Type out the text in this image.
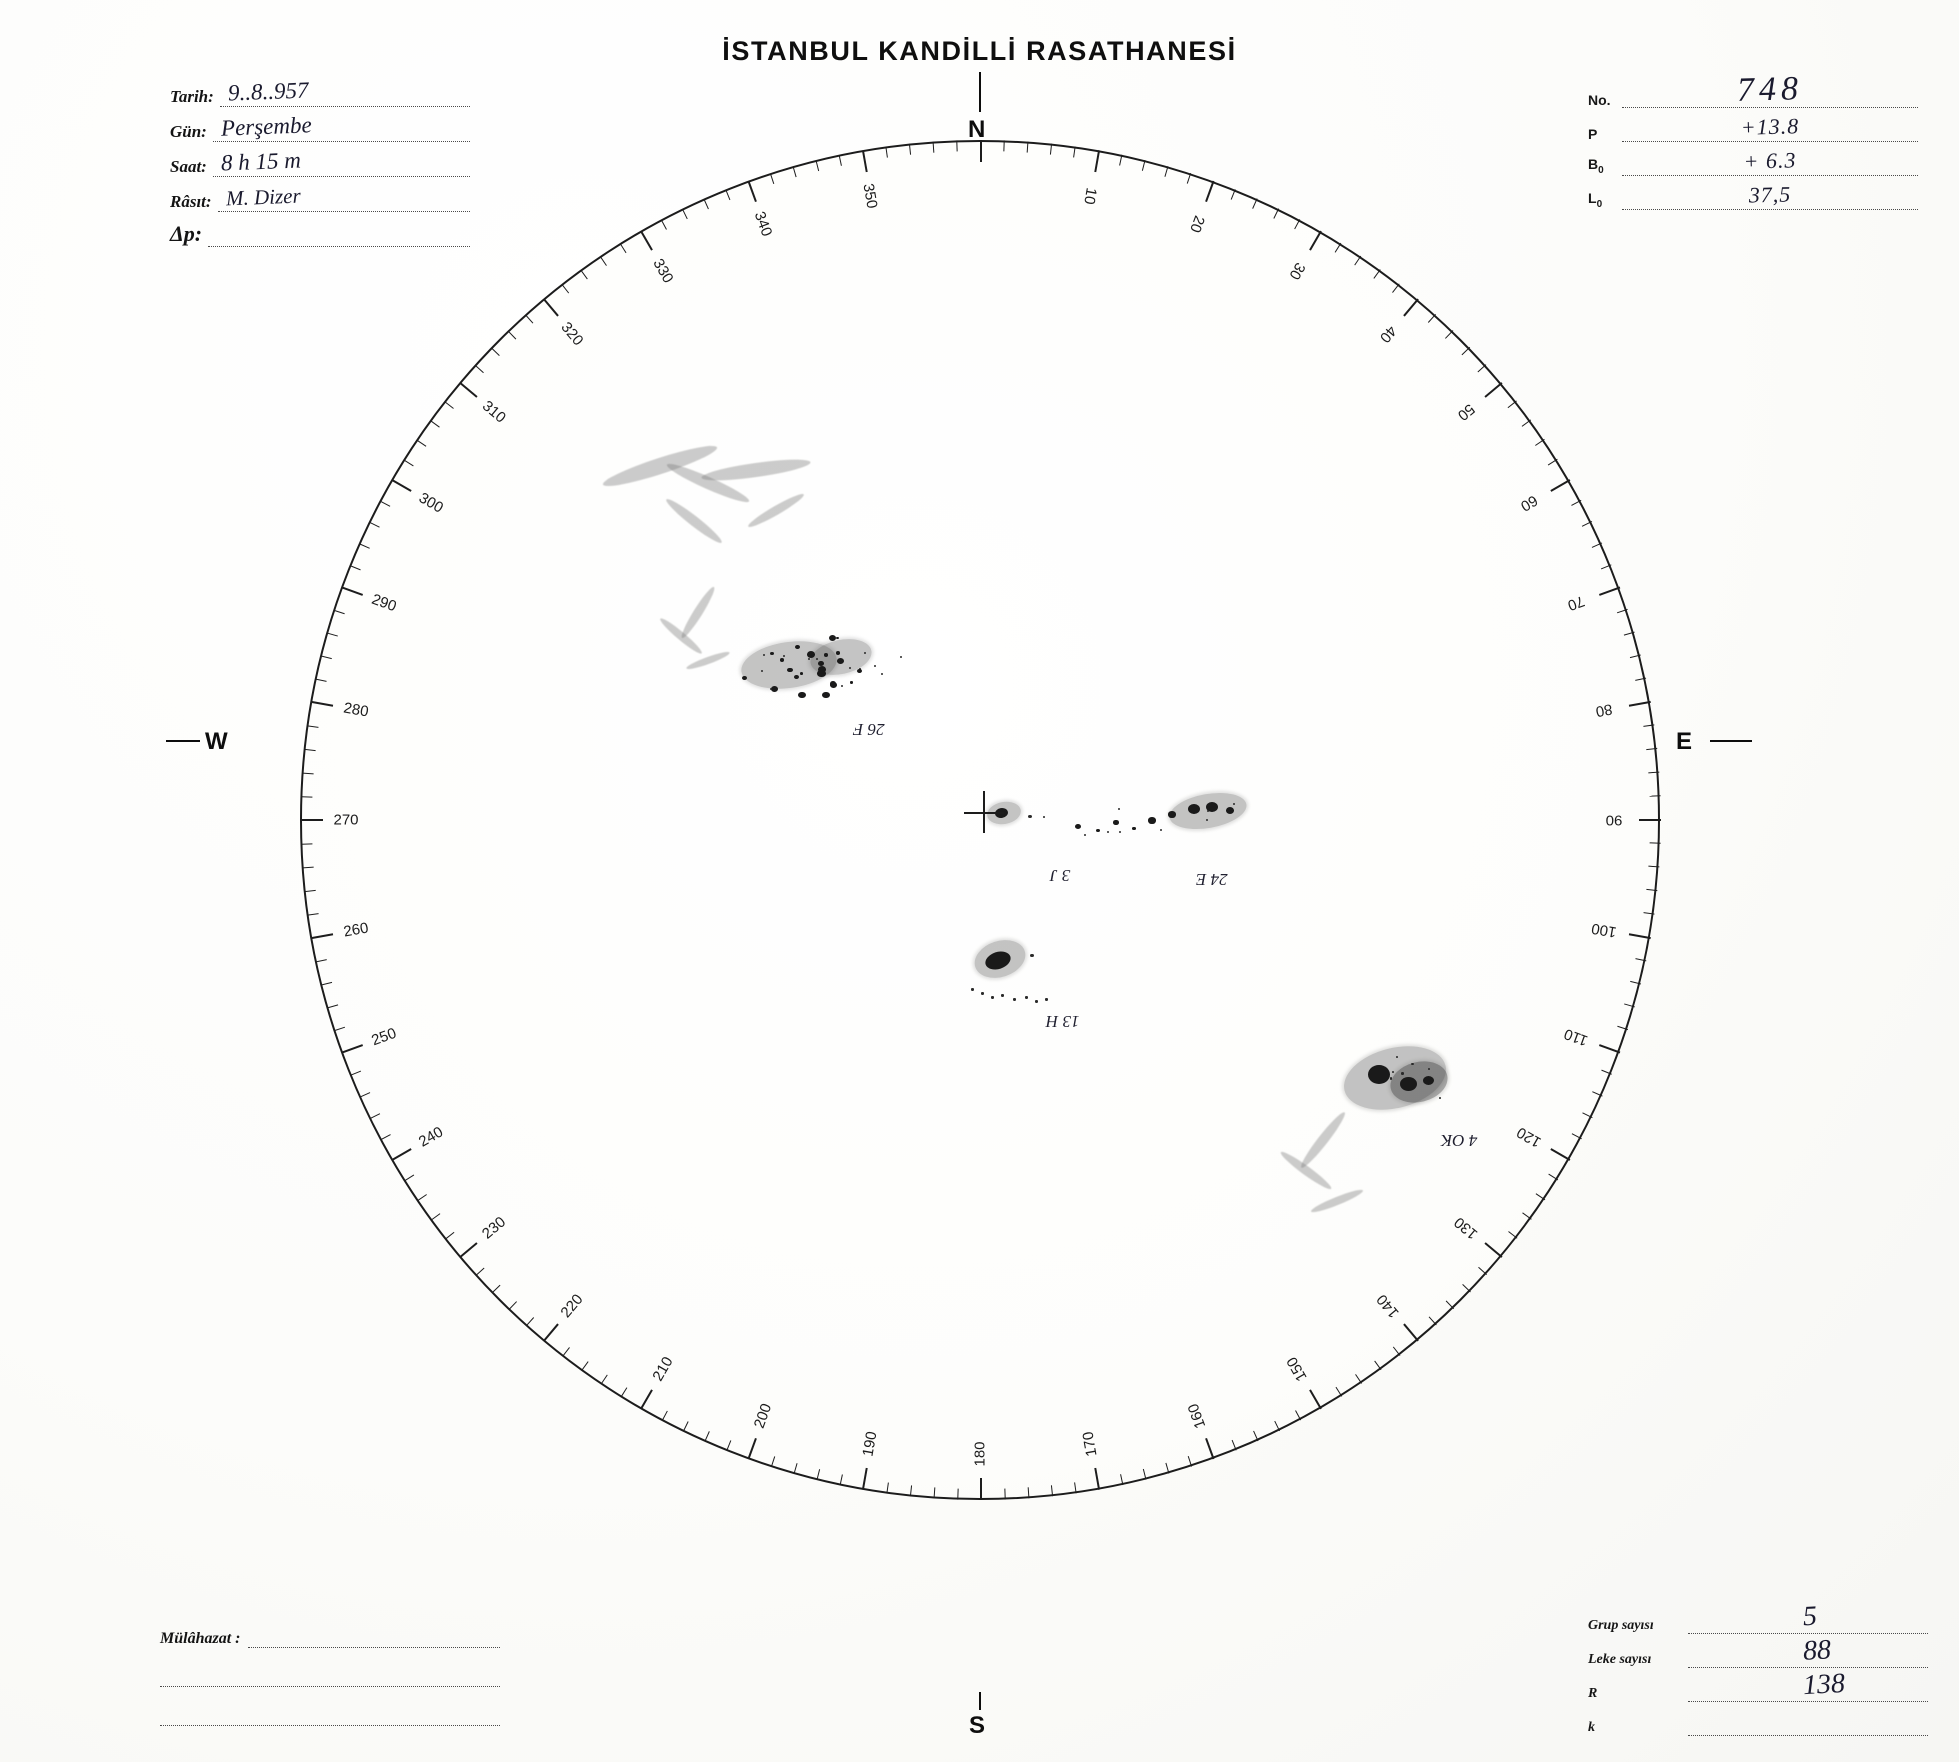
İSTANBUL KANDİLLİ RASATHANESİ
Tarih: 9..8..957
Gün: Perşembe
Saat: 8 h 15 m
Râsıt: M. Dizer
Δp:
No.	748
P	+13.8
$B_0$	+ 6.3
$L_0$	37,5
10
20
30
40
50
60
70
80
90
100
110
120
130
140
150
160
170
190
200
210
220
230
240
250
260
270
280
290
300
310
320
330
340
350
180
26 F
3 J	24 E
13 H
4 OK
E
W
N
S
Mülâhazat :
Grup sayısı	5
Leke sayısı	88
R	138
k
